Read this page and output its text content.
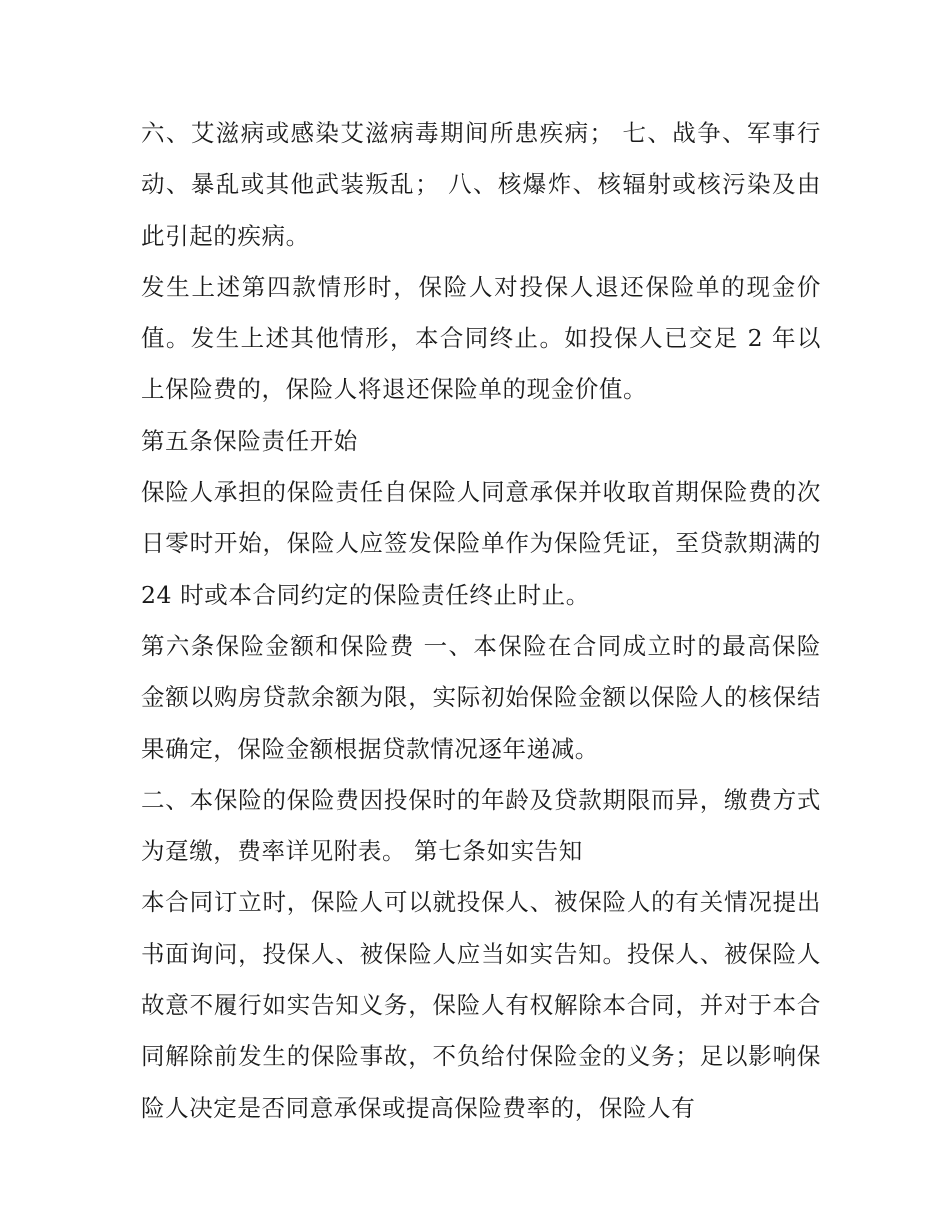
六、艾滋病或感染艾滋病毒期间所患疾病； 七、战争、军事行动、暴乱或其他武装叛乱； 八、核爆炸、核辐射或核污染及由此引起的疾病。

发生上述第四款情形时，保险人对投保人退还保险单的现金价值。发生上述其他情形，本合同终止。如投保人已交足 2 年以上保险费的，保险人将退还保险单的现金价值。

第五条保险责任开始

保险人承担的保险责任自保险人同意承保并收取首期保险费的次日零时开始，保险人应签发保险单作为保险凭证，至贷款期满的 24 时或本合同约定的保险责任终止时止。

第六条保险金额和保险费 一、本保险在合同成立时的最高保险金额以购房贷款余额为限，实际初始保险金额以保险人的核保结果确定，保险金额根据贷款情况逐年递减。

二、本保险的保险费因投保时的年龄及贷款期限而异，缴费方式为趸缴，费率详见附表。 第七条如实告知

本合同订立时，保险人可以就投保人、被保险人的有关情况提出书面询问，投保人、被保险人应当如实告知。投保人、被保险人故意不履行如实告知义务，保险人有权解除本合同，并对于本合同解除前发生的保险事故，不负给付保险金的义务；足以影响保险人决定是否同意承保或提高保险费率的，保险人有
